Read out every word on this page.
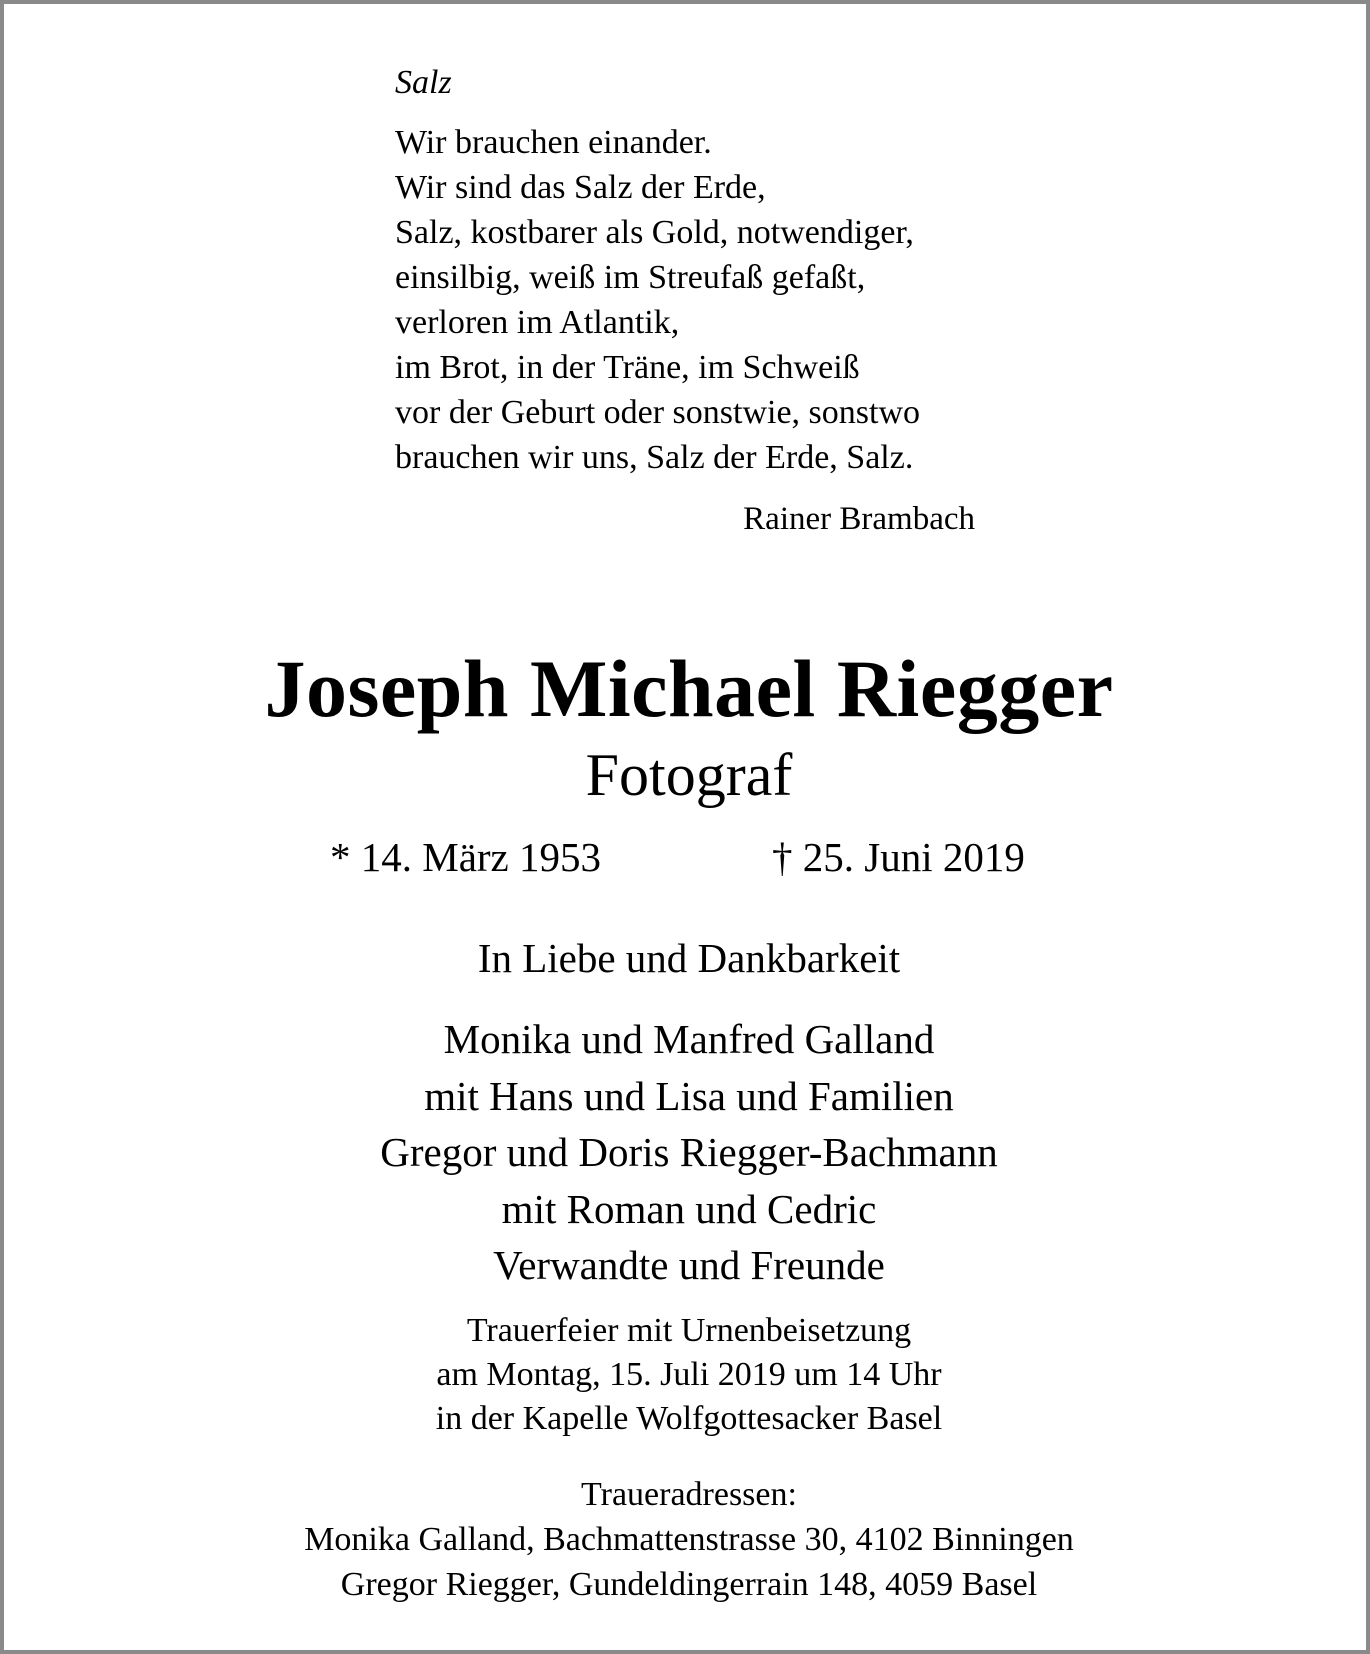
Salz
Wir brauchen einander.
Wir sind das Salz der Erde,
Salz, kostbarer als Gold, notwendiger,
einsilbig, weiß im Streufaß gefaßt,
verloren im Atlantik,
im Brot, in der Träne, im Schweiß
vor der Geburt oder sonstwie, sonstwo
brauchen wir uns, Salz der Erde, Salz.
Rainer Brambach
Joseph Michael Riegger
Fotograf
* 14. März 1953	† 25. Juni 2019
In Liebe und Dankbarkeit
Monika und Manfred Galland
mit Hans und Lisa und Familien
Gregor und Doris Riegger-Bachmann
mit Roman und Cedric
Verwandte und Freunde
Trauerfeier mit Urnenbeisetzung
am Montag, 15. Juli 2019 um 14 Uhr
in der Kapelle Wolfgottesacker Basel
Traueradressen:
Monika Galland, Bachmattenstrasse 30, 4102 Binningen
Gregor Riegger, Gundeldingerrain 148, 4059 Basel
